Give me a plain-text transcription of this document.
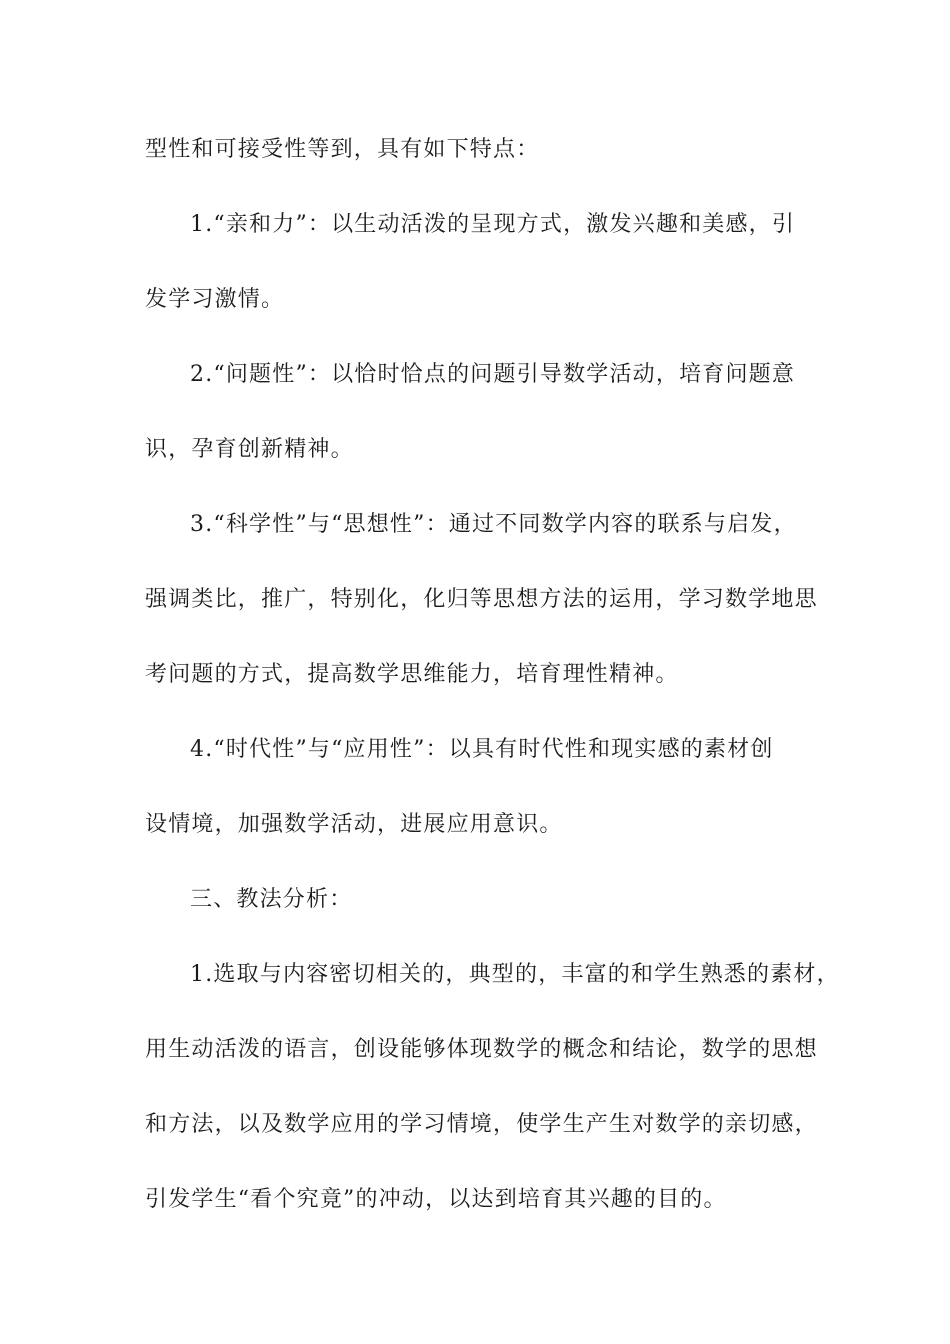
型性和可接受性等到，具有如下特点：

1.“亲和力”：以生动活泼的呈现方式，激发兴趣和美感，引

发学习激情。

2.“问题性”：以恰时恰点的问题引导数学活动，培育问题意

识，孕育创新精神。

3.“科学性”与“思想性”：通过不同数学内容的联系与启发，

强调类比，推广，特别化，化归等思想方法的运用，学习数学地思

考问题的方式，提高数学思维能力，培育理性精神。

4.“时代性”与“应用性”：以具有时代性和现实感的素材创

设情境，加强数学活动，进展应用意识。

三、教法分析：

1.选取与内容密切相关的，典型的，丰富的和学生熟悉的素材，

用生动活泼的语言，创设能够体现数学的概念和结论，数学的思想

和方法，以及数学应用的学习情境，使学生产生对数学的亲切感，

引发学生“看个究竟”的冲动，以达到培育其兴趣的目的。
